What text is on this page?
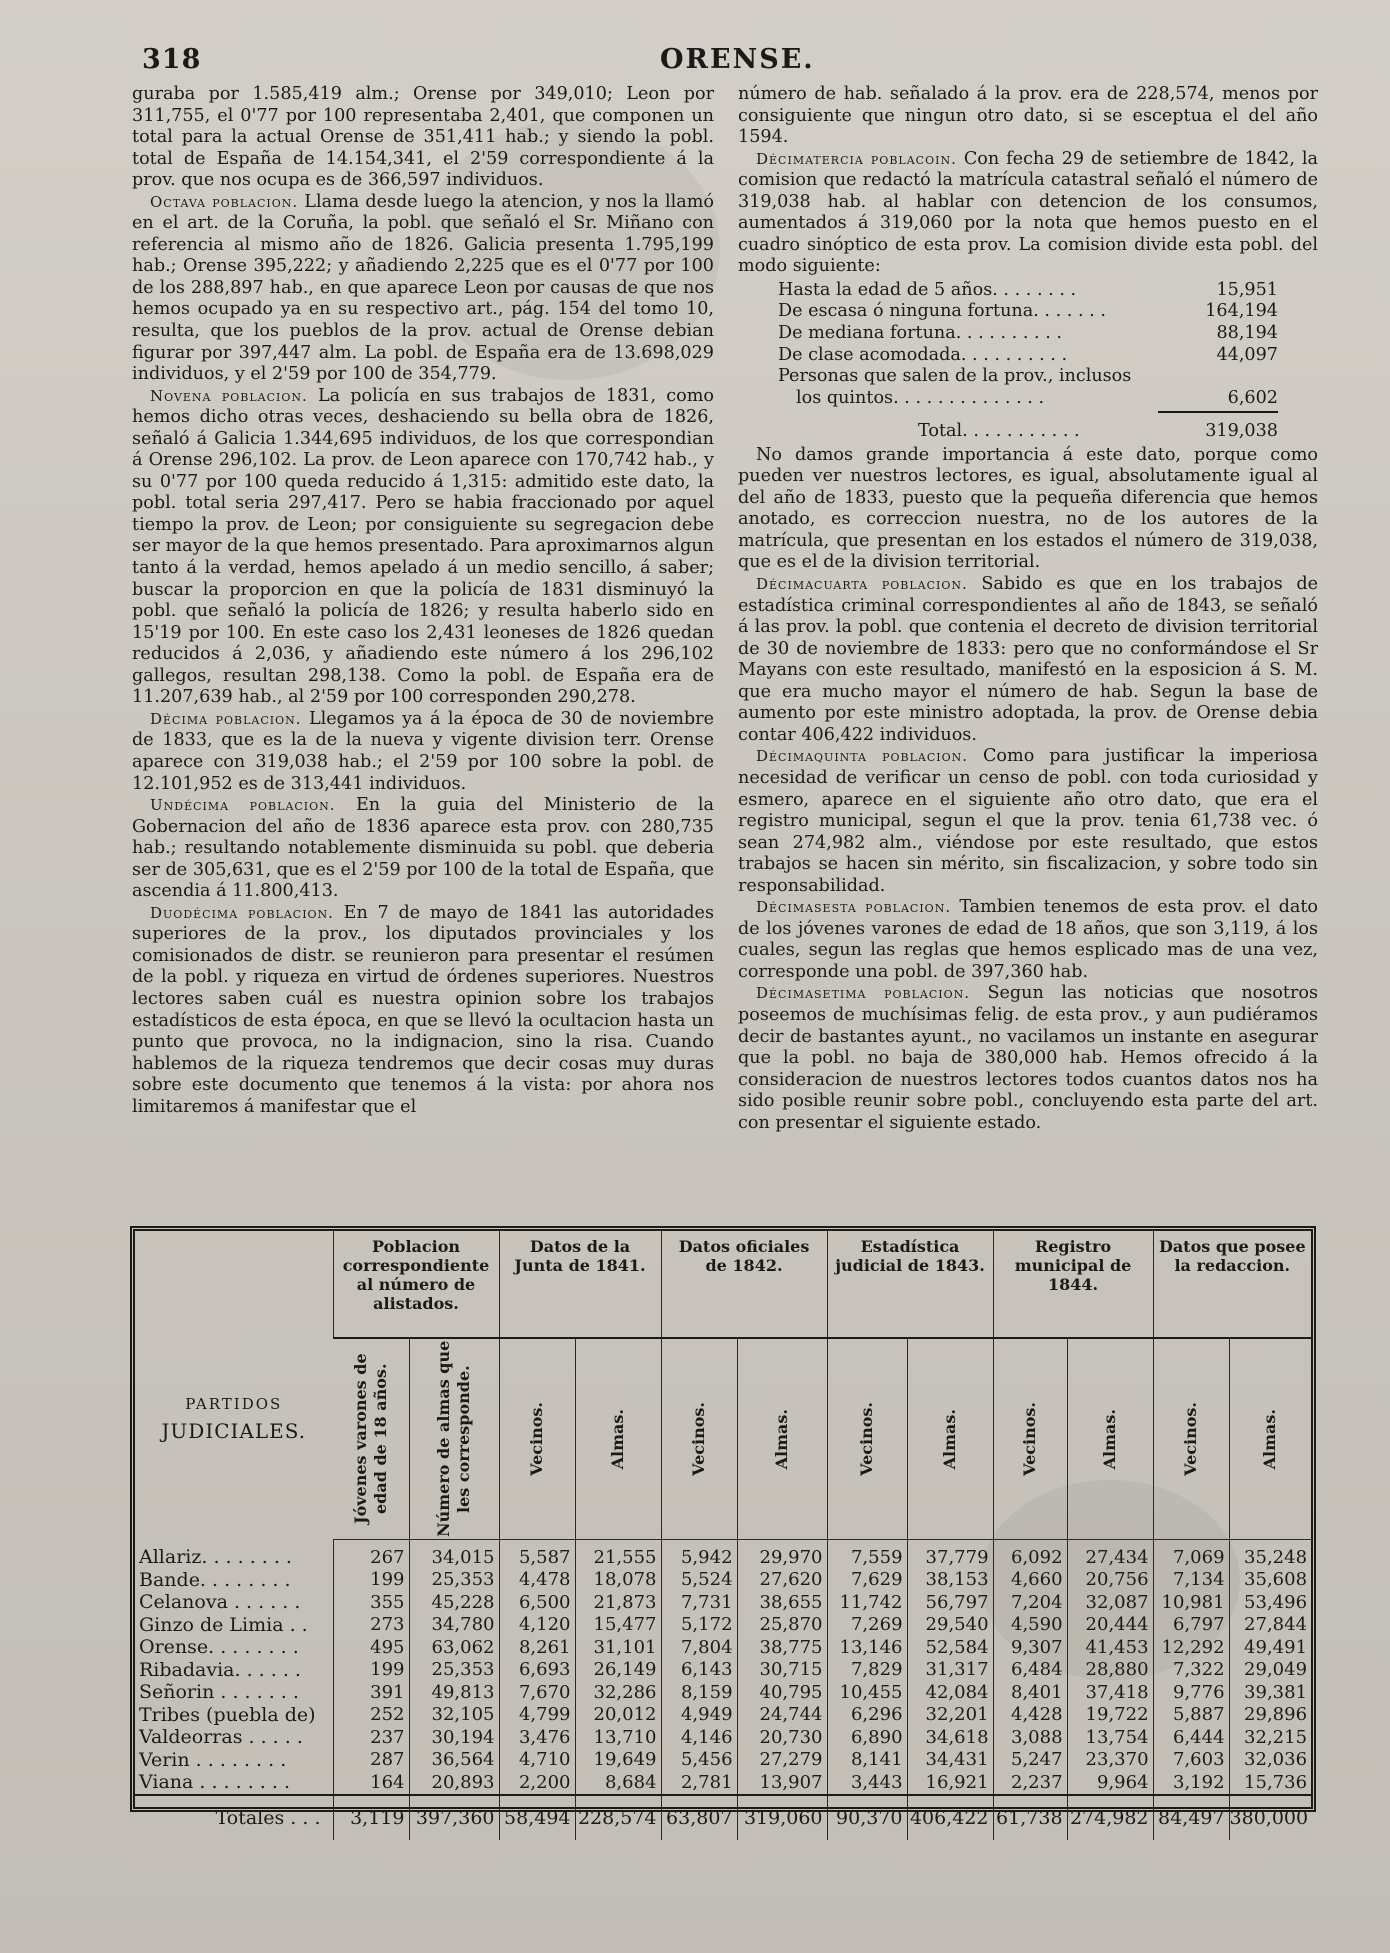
318	ORENSE.

guraba por 1.585,419 alm.; Orense por 349,010; Leon por 311,755, el 0'77 por 100 representaba 2,401, que componen un total para la actual Orense de 351,411 hab.; y siendo la pobl. total de España de 14.154,341, el 2'59 correspondiente á la prov. que nos ocupa es de 366,597 individuos.

Octava poblacion. Llama desde luego la atencion, y nos la llamó en el art. de la Coruña, la pobl. que señaló el Sr. Miñano con referencia al mismo año de 1826. Galicia presenta 1.795,199 hab.; Orense 395,222; y añadiendo 2,225 que es el 0'77 por 100 de los 288,897 hab., en que aparece Leon por causas de que nos hemos ocupado ya en su respectivo art., pág. 154 del tomo 10, resulta, que los pueblos de la prov. actual de Orense debian figurar por 397,447 alm. La pobl. de España era de 13.698,029 individuos, y el 2'59 por 100 de 354,779.

Novena poblacion. La policía en sus trabajos de 1831, como hemos dicho otras veces, deshaciendo su bella obra de 1826, señaló á Galicia 1.344,695 individuos, de los que correspondian á Orense 296,102. La prov. de Leon aparece con 170,742 hab., y su 0'77 por 100 queda reducido á 1,315: admitido este dato, la pobl. total seria 297,417. Pero se habia fraccionado por aquel tiempo la prov. de Leon; por consiguiente su segregacion debe ser mayor de la que hemos presentado. Para aproximarnos algun tanto á la verdad, hemos apelado á un medio sencillo, á saber; buscar la proporcion en que la policía de 1831 disminuyó la pobl. que señaló la policía de 1826; y resulta haberlo sido en 15'19 por 100. En este caso los 2,431 leoneses de 1826 quedan reducidos á 2,036, y añadiendo este número á los 296,102 gallegos, resultan 298,138. Como la pobl. de España era de 11.207,639 hab., al 2'59 por 100 corresponden 290,278.

Décima poblacion. Llegamos ya á la época de 30 de noviembre de 1833, que es la de la nueva y vigente division terr. Orense aparece con 319,038 hab.; el 2'59 por 100 sobre la pobl. de 12.101,952 es de 313,441 individuos.

Undécima poblacion. En la guia del Ministerio de la Gobernacion del año de 1836 aparece esta prov. con 280,735 hab.; resultando notablemente disminuida su pobl. que deberia ser de 305,631, que es el 2'59 por 100 de la total de España, que ascendia á 11.800,413.

Duodécima poblacion. En 7 de mayo de 1841 las autoridades superiores de la prov., los diputados provinciales y los comisionados de distr. se reunieron para presentar el resúmen de la pobl. y riqueza en virtud de órdenes superiores. Nuestros lectores saben cuál es nuestra opinion sobre los trabajos estadísticos de esta época, en que se llevó la ocultacion hasta un punto que provoca, no la indignacion, sino la risa. Cuando hablemos de la riqueza tendremos que decir cosas muy duras sobre este documento que tenemos á la vista: por ahora nos limitaremos á manifestar que el

número de hab. señalado á la prov. era de 228,574, menos por consiguiente que ningun otro dato, si se esceptua el del año 1594.

Décimatercia poblacoin. Con fecha 29 de setiembre de 1842, la comision que redactó la matrícula catastral señaló el número de 319,038 hab. al hablar con detencion de los consumos, aumentados á 319,060 por la nota que hemos puesto en el cuadro sinóptico de esta prov. La comision divide esta pobl. del modo siguiente:

Hasta la edad de 5 años. . . . . . . .	15,951
De escasa ó ninguna fortuna. . . . . . .	164,194
De mediana fortuna. . . . . . . . . .	88,194
De clase acomodada. . . . . . . . . .	44,097
Personas que salen de la prov., inclusos
los quintos. . . . . . . . . . . . . .	6,602
Total. . . . . . . . . . .	319,038

No damos grande importancia á este dato, porque como pueden ver nuestros lectores, es igual, absolutamente igual al del año de 1833, puesto que la pequeña diferencia que hemos anotado, es correccion nuestra, no de los autores de la matrícula, que presentan en los estados el número de 319,038, que es el de la division territorial.

Décimacuarta poblacion. Sabido es que en los trabajos de estadística criminal correspondientes al año de 1843, se señaló á las prov. la pobl. que contenia el decreto de division territorial de 30 de noviembre de 1833: pero que no conformándose el Sr Mayans con este resultado, manifestó en la esposicion á S. M. que era mucho mayor el número de hab. Segun la base de aumento por este ministro adoptada, la prov. de Orense debia contar 406,422 individuos.

Décimaquinta poblacion. Como para justificar la imperiosa necesidad de verificar un censo de pobl. con toda curiosidad y esmero, aparece en el siguiente año otro dato, que era el registro municipal, segun el que la prov. tenia 61,738 vec. ó sean 274,982 alm., viéndose por este resultado, que estos trabajos se hacen sin mérito, sin fiscalizacion, y sobre todo sin responsabilidad.

Décimasesta poblacion. Tambien tenemos de esta prov. el dato de los jóvenes varones de edad de 18 años, que son 3,119, á los cuales, segun las reglas que hemos esplicado mas de una vez, corresponde una pobl. de 397,360 hab.

Décimasetima poblacion. Segun las noticias que nosotros poseemos de muchísimas felig. de esta prov., y aun pudiéramos decir de bastantes ayunt., no vacilamos un instante en asegurar que la pobl. no baja de 380,000 hab. Hemos ofrecido á la consideracion de nuestros lectores todos cuantos datos nos ha sido posible reunir sobre pobl., concluyendo esta parte del art. con presentar el siguiente estado.

PARTIDOS
JUDICIALES.	Poblacion correspondiente al número de alistados.		Datos de la Junta de 1841.		Datos oficiales de 1842.		Estadística judicial de 1843.		Registro municipal de 1844.		Datos que posee la redaccion.	

	Jóvenes varones de edad de 18 años.	Número de almas que les corresponde.	Vecinos.	Almas.	Vecinos.	Almas.	Vecinos.	Almas.	Vecinos.	Almas.	Vecinos.	Almas.

Allariz. . . . . . . .	267	34,015	5,587	21,555	5,942	29,970	7,559	37,779	6,092	27,434	7,069	35,248
Bande. . . . . . . .	199	25,353	4,478	18,078	5,524	27,620	7,629	38,153	4,660	20,756	7,134	35,608
Celanova . . . . . .	355	45,228	6,500	21,873	7,731	38,655	11,742	56,797	7,204	32,087	10,981	53,496
Ginzo de Limia . .	273	34,780	4,120	15,477	5,172	25,870	7,269	29,540	4,590	20,444	6,797	27,844
Orense. . . . . . . .	495	63,062	8,261	31,101	7,804	38,775	13,146	52,584	9,307	41,453	12,292	49,491
Ribadavia. . . . . .	199	25,353	6,693	26,149	6,143	30,715	7,829	31,317	6,484	28,880	7,322	29,049
Señorin . . . . . . .	391	49,813	7,670	32,286	8,159	40,795	10,455	42,084	8,401	37,418	9,776	39,381
Tribes (puebla de)	252	32,105	4,799	20,012	4,949	24,744	6,296	32,201	4,428	19,722	5,887	29,896
Valdeorras . . . . .	237	30,194	3,476	13,710	4,146	20,730	6,890	34,618	3,088	13,754	6,444	32,215
Verin . . . . . . . .	287	36,564	4,710	19,649	5,456	27,279	8,141	34,431	5,247	23,370	7,603	32,036
Viana . . . . . . . .	164	20,893	2,200	8,684	2,781	13,907	3,443	16,921	2,237	9,964	3,192	15,736
Totales . . .	3,119	397,360	58,494	228,574	63,807	319,060	90,370	406,422	61,738	274,982	84,497	380,000
